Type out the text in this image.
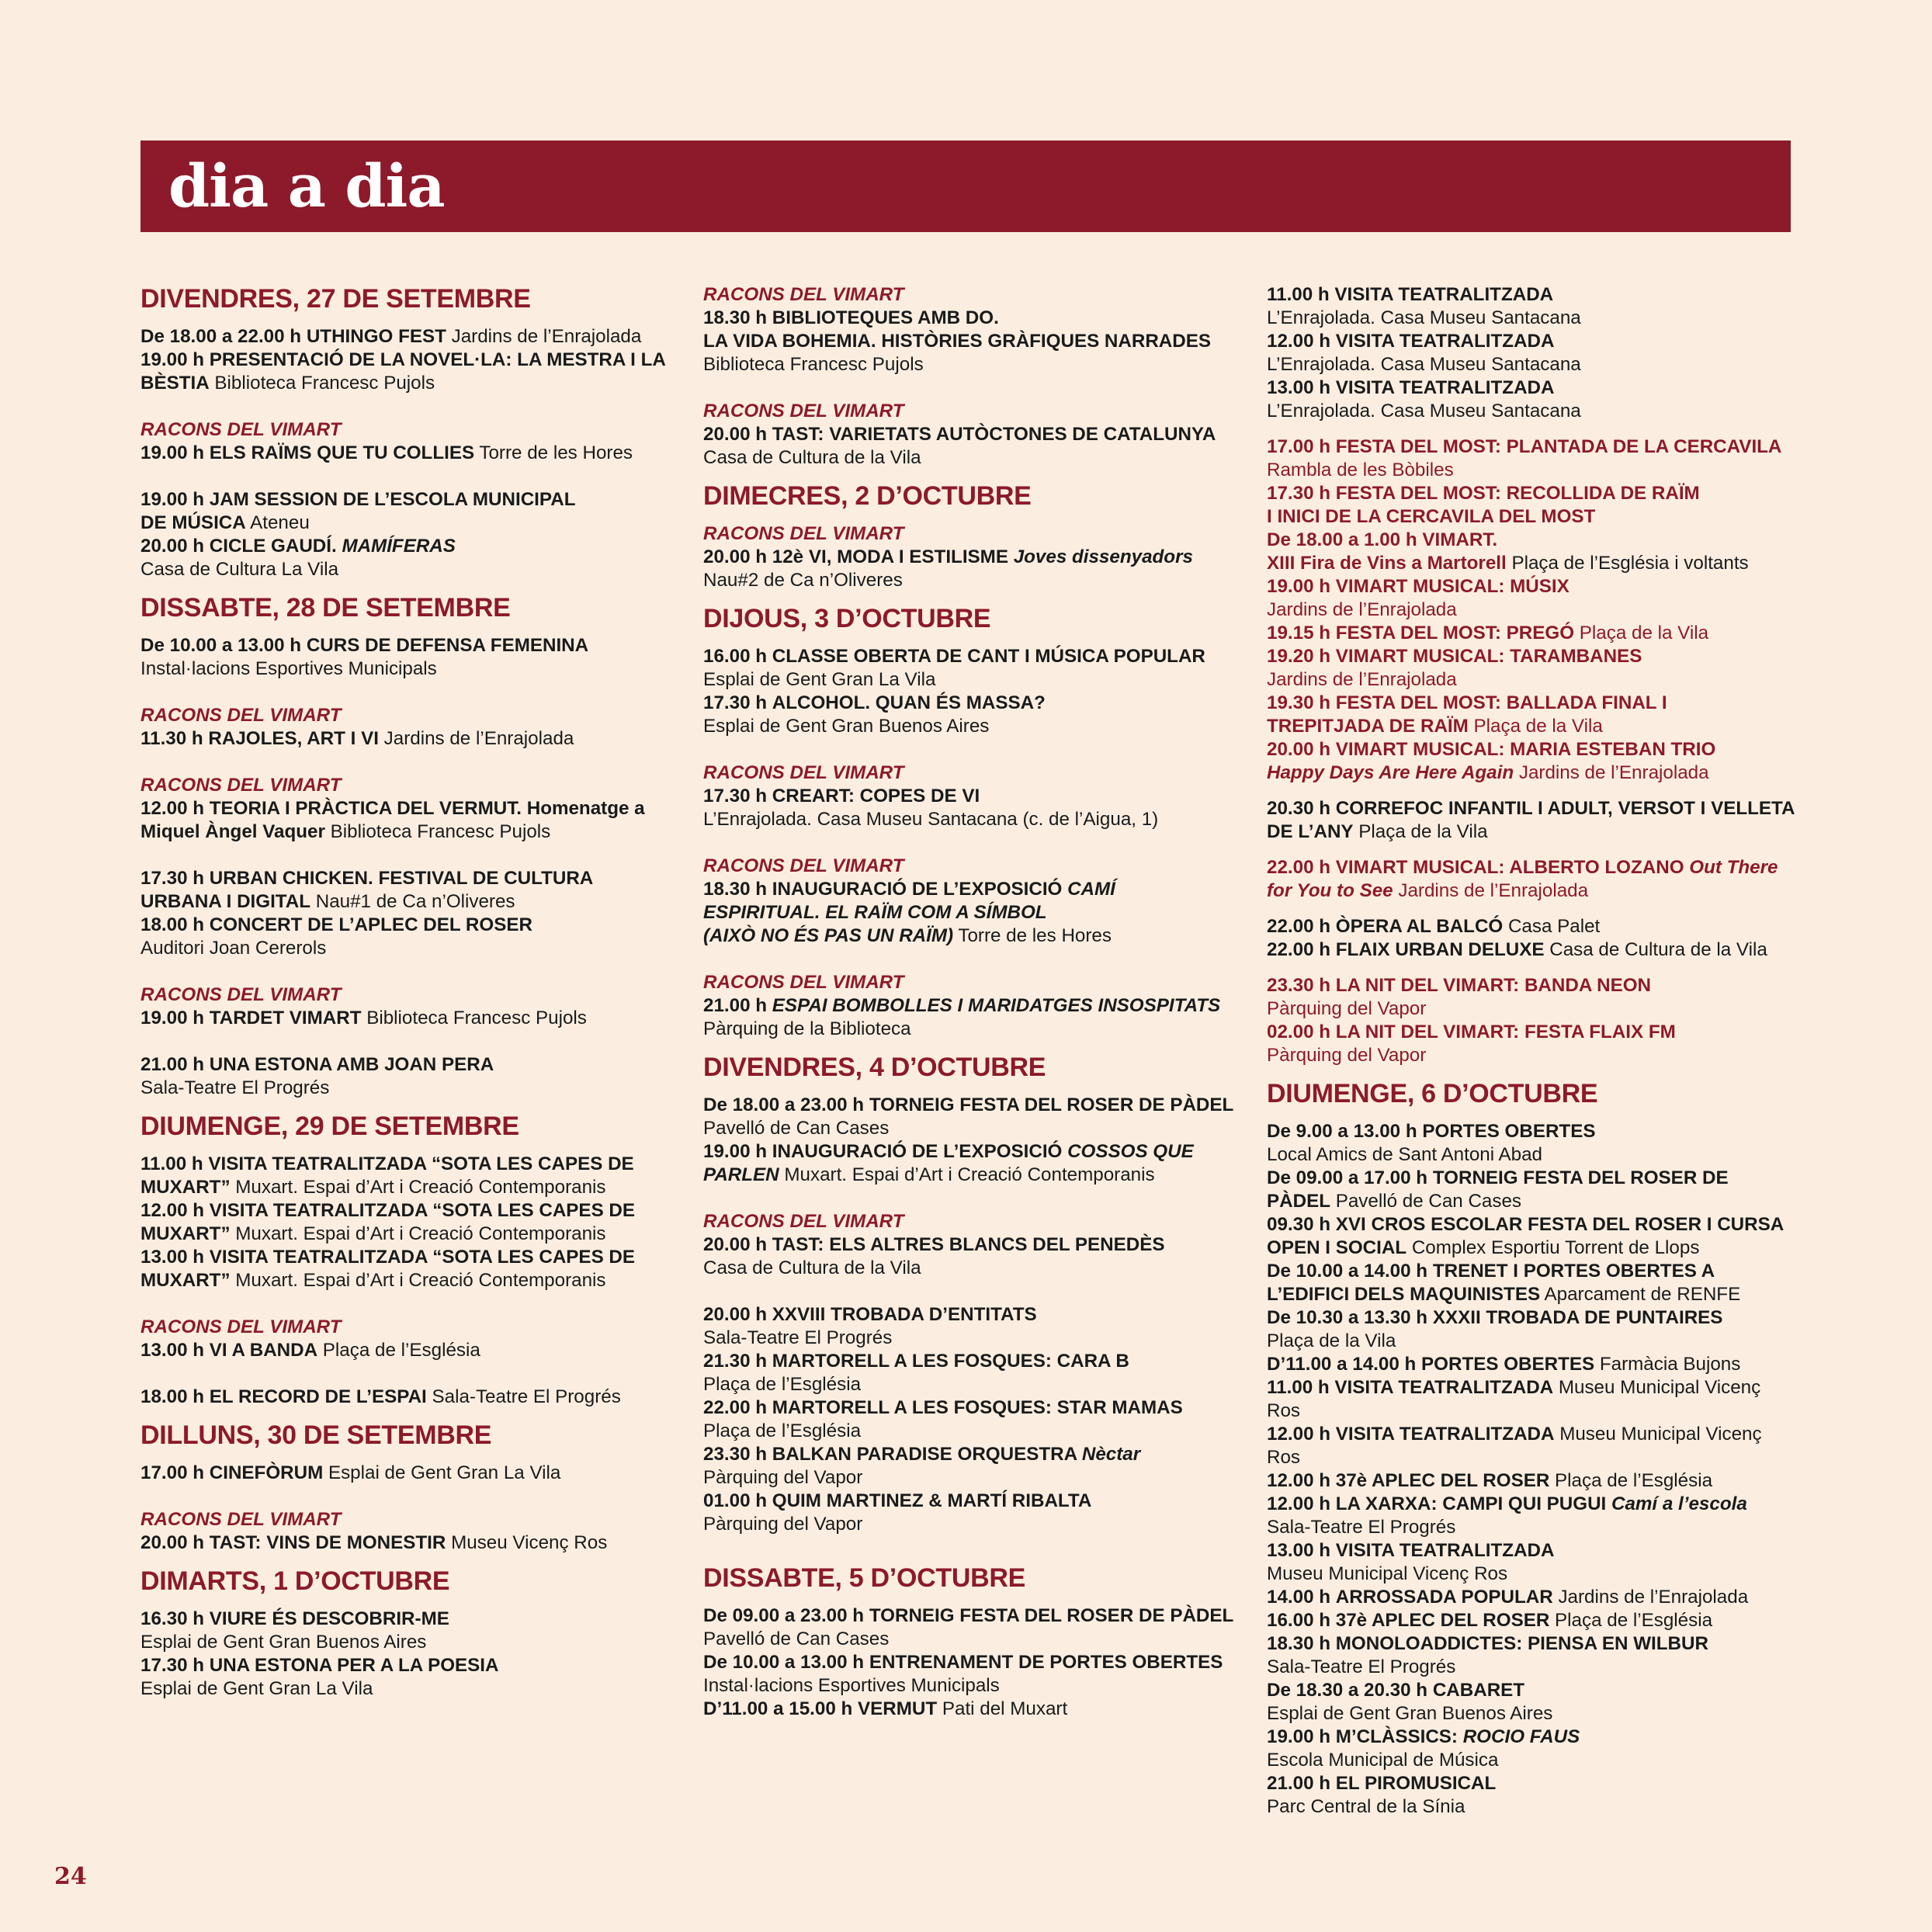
dia a dia
DIVENDRES, 27 DE SETEMBRE

De 18.00 a 22.00 h UTHINGO FEST Jardins de l’Enrajolada

19.00 h PRESENTACIÓ DE LA NOVEL·LA: LA MESTRA I LA BÈSTIA Biblioteca Francesc Pujols

RACONS DEL VIMART

19.00 h ELS RAÏMS QUE TU COLLIES Torre de les Hores

19.00 h JAM SESSION DE L’ESCOLA MUNICIPAL
DE MÚSICA Ateneu

20.00 h CICLE GAUDÍ. MAMÍFERAS
Casa de Cultura La Vila

DISSABTE, 28 DE SETEMBRE

De 10.00 a 13.00 h CURS DE DEFENSA FEMENINA
Instal·lacions Esportives Municipals

RACONS DEL VIMART

11.30 h RAJOLES, ART I VI Jardins de l’Enrajolada

RACONS DEL VIMART

12.00 h TEORIA I PRÀCTICA DEL VERMUT. Homenatge a Miquel Àngel Vaquer Biblioteca Francesc Pujols

17.30 h URBAN CHICKEN. FESTIVAL DE CULTURA
URBANA I DIGITAL Nau#1 de Ca n’Oliveres

18.00 h CONCERT DE L’APLEC DEL ROSER
Auditori Joan Cererols

RACONS DEL VIMART

19.00 h TARDET VIMART Biblioteca Francesc Pujols

21.00 h UNA ESTONA AMB JOAN PERA
Sala-Teatre El Progrés

DIUMENGE, 29 DE SETEMBRE

11.00 h VISITA TEATRALITZADA “SOTA LES CAPES DE MUXART” Muxart. Espai d’Art i Creació Contemporanis

12.00 h VISITA TEATRALITZADA “SOTA LES CAPES DE MUXART” Muxart. Espai d’Art i Creació Contemporanis

13.00 h VISITA TEATRALITZADA “SOTA LES CAPES DE MUXART” Muxart. Espai d’Art i Creació Contemporanis

RACONS DEL VIMART

13.00 h VI A BANDA Plaça de l’Església

18.00 h EL RECORD DE L’ESPAI Sala-Teatre El Progrés

DILLUNS, 30 DE SETEMBRE

17.00 h CINEFÒRUM Esplai de Gent Gran La Vila

RACONS DEL VIMART

20.00 h TAST: VINS DE MONESTIR Museu Vicenç Ros

DIMARTS, 1 D’OCTUBRE

16.30 h VIURE ÉS DESCOBRIR-ME
Esplai de Gent Gran Buenos Aires

17.30 h UNA ESTONA PER A LA POESIA
Esplai de Gent Gran La Vila

RACONS DEL VIMART

18.30 h BIBLIOTEQUES AMB DO.
LA VIDA BOHEMIA. HISTÒRIES GRÀFIQUES NARRADES
Biblioteca Francesc Pujols

RACONS DEL VIMART

20.00 h TAST: VARIETATS AUTÒCTONES DE CATALUNYA
Casa de Cultura de la Vila

DIMECRES, 2 D’OCTUBRE
RACONS DEL VIMART

20.00 h 12è VI, MODA I ESTILISME Joves dissenyadors
Nau#2 de Ca n’Oliveres

DIJOUS, 3 D’OCTUBRE

16.00 h CLASSE OBERTA DE CANT I MÚSICA POPULAR
Esplai de Gent Gran La Vila

17.30 h ALCOHOL. QUAN ÉS MASSA?
Esplai de Gent Gran Buenos Aires

RACONS DEL VIMART

17.30 h CREART: COPES DE VI
L’Enrajolada. Casa Museu Santacana (c. de l’Aigua, 1)

RACONS DEL VIMART

18.30 h INAUGURACIÓ DE L’EXPOSICIÓ CAMÍ
ESPIRITUAL. EL RAÏM COM A SÍMBOL
(AIXÒ NO ÉS PAS UN RAÏM) Torre de les Hores

RACONS DEL VIMART

21.00 h ESPAI BOMBOLLES I MARIDATGES INSOSPITATS
Pàrquing de la Biblioteca

DIVENDRES, 4 D’OCTUBRE

De 18.00 a 23.00 h TORNEIG FESTA DEL ROSER DE PÀDEL Pavelló de Can Cases

19.00 h INAUGURACIÓ DE L’EXPOSICIÓ COSSOS QUE PARLEN Muxart. Espai d’Art i Creació Contemporanis

RACONS DEL VIMART

20.00 h TAST: ELS ALTRES BLANCS DEL PENEDÈS
Casa de Cultura de la Vila

20.00 h XXVIII TROBADA D’ENTITATS
Sala-Teatre El Progrés

21.30 h MARTORELL A LES FOSQUES: CARA B
Plaça de l’Església

22.00 h MARTORELL A LES FOSQUES: STAR MAMAS
Plaça de l’Església

23.30 h BALKAN PARADISE ORQUESTRA Nèctar
Pàrquing del Vapor

01.00 h QUIM MARTINEZ & MARTÍ RIBALTA
Pàrquing del Vapor

DISSABTE, 5 D’OCTUBRE

De 09.00 a 23.00 h TORNEIG FESTA DEL ROSER DE PÀDEL Pavelló de Can Cases

De 10.00 a 13.00 h ENTRENAMENT DE PORTES OBERTES
Instal·lacions Esportives Municipals

D’11.00 a 15.00 h VERMUT Pati del Muxart

11.00 h VISITA TEATRALITZADA
L’Enrajolada. Casa Museu Santacana

12.00 h VISITA TEATRALITZADA
L’Enrajolada. Casa Museu Santacana

13.00 h VISITA TEATRALITZADA
L’Enrajolada. Casa Museu Santacana

17.00 h FESTA DEL MOST: PLANTADA DE LA CERCAVILA
Rambla de les Bòbiles

17.30 h FESTA DEL MOST: RECOLLIDA DE RAÏM
I INICI DE LA CERCAVILA DEL MOST

De 18.00 a 1.00 h VIMART.
XIII Fira de Vins a Martorell Plaça de l’Església i voltants

19.00 h VIMART MUSICAL: MÚSIX
Jardins de l’Enrajolada

19.15 h FESTA DEL MOST: PREGÓ Plaça de la Vila

19.20 h VIMART MUSICAL: TARAMBANES
Jardins de l’Enrajolada

19.30 h FESTA DEL MOST: BALLADA FINAL I
TREPITJADA DE RAÏM Plaça de la Vila

20.00 h VIMART MUSICAL: MARIA ESTEBAN TRIO
Happy Days Are Here Again Jardins de l’Enrajolada

20.30 h CORREFOC INFANTIL I ADULT, VERSOT I VELLETA DE L’ANY Plaça de la Vila

22.00 h VIMART MUSICAL: ALBERTO LOZANO Out There for You to See Jardins de l’Enrajolada

22.00 h ÒPERA AL BALCÓ Casa Palet

22.00 h FLAIX URBAN DELUXE Casa de Cultura de la Vila

23.30 h LA NIT DEL VIMART: BANDA NEON
Pàrquing del Vapor

02.00 h LA NIT DEL VIMART: FESTA FLAIX FM
Pàrquing del Vapor

DIUMENGE, 6 D’OCTUBRE

De 9.00 a 13.00 h PORTES OBERTES
Local Amics de Sant Antoni Abad

De 09.00 a 17.00 h TORNEIG FESTA DEL ROSER DE PÀDEL Pavelló de Can Cases

09.30 h XVI CROS ESCOLAR FESTA DEL ROSER I CURSA OPEN I SOCIAL Complex Esportiu Torrent de Llops

De 10.00 a 14.00 h TRENET I PORTES OBERTES A L’EDIFICI DELS MAQUINISTES Aparcament de RENFE

De 10.30 a 13.30 h XXXII TROBADA DE PUNTAIRES
Plaça de la Vila

D’11.00 a 14.00 h PORTES OBERTES Farmàcia Bujons

11.00 h VISITA TEATRALITZADA Museu Municipal Vicenç Ros

12.00 h VISITA TEATRALITZADA Museu Municipal Vicenç Ros

12.00 h 37è APLEC DEL ROSER Plaça de l’Església

12.00 h LA XARXA: CAMPI QUI PUGUI Camí a l’escola
Sala-Teatre El Progrés

13.00 h VISITA TEATRALITZADA
Museu Municipal Vicenç Ros

14.00 h ARROSSADA POPULAR Jardins de l’Enrajolada

16.00 h 37è APLEC DEL ROSER Plaça de l’Església

18.30 h MONOLOADDICTES: PIENSA EN WILBUR
Sala-Teatre El Progrés

De 18.30 a 20.30 h CABARET
Esplai de Gent Gran Buenos Aires

19.00 h M’CLÀSSICS: ROCIO FAUS
Escola Municipal de Música

21.00 h EL PIROMUSICAL
Parc Central de la Sínia

24
